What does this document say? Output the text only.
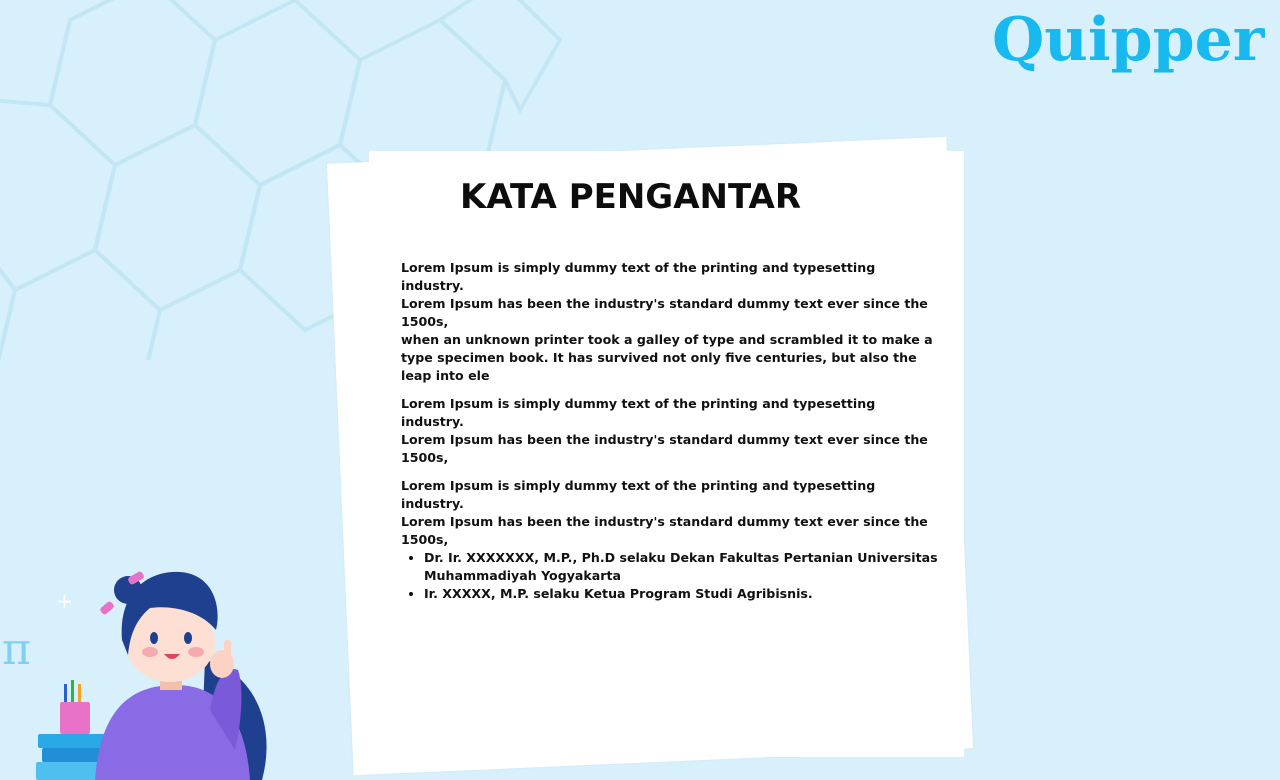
Quipper
KATA PENGANTAR

Lorem Ipsum is simply dummy text of the printing and typesetting industry.
Lorem Ipsum has been the industry's standard dummy text ever since the 1500s,
when an unknown printer took a galley of type and scrambled it to make a
type specimen book. It has survived not only five centuries, but also the leap into ele

Lorem Ipsum is simply dummy text of the printing and typesetting industry.
Lorem Ipsum has been the industry's standard dummy text ever since the 1500s,

Lorem Ipsum is simply dummy text of the printing and typesetting industry.
Lorem Ipsum has been the industry's standard dummy text ever since the 1500s,

• Dr. Ir. XXXXXXX, M.P., Ph.D selaku Dekan Fakultas Pertanian Universitas Muhammadiyah Yogyakarta
• Ir. XXXXX, M.P. selaku Ketua Program Studi Agribisnis.
π
+
